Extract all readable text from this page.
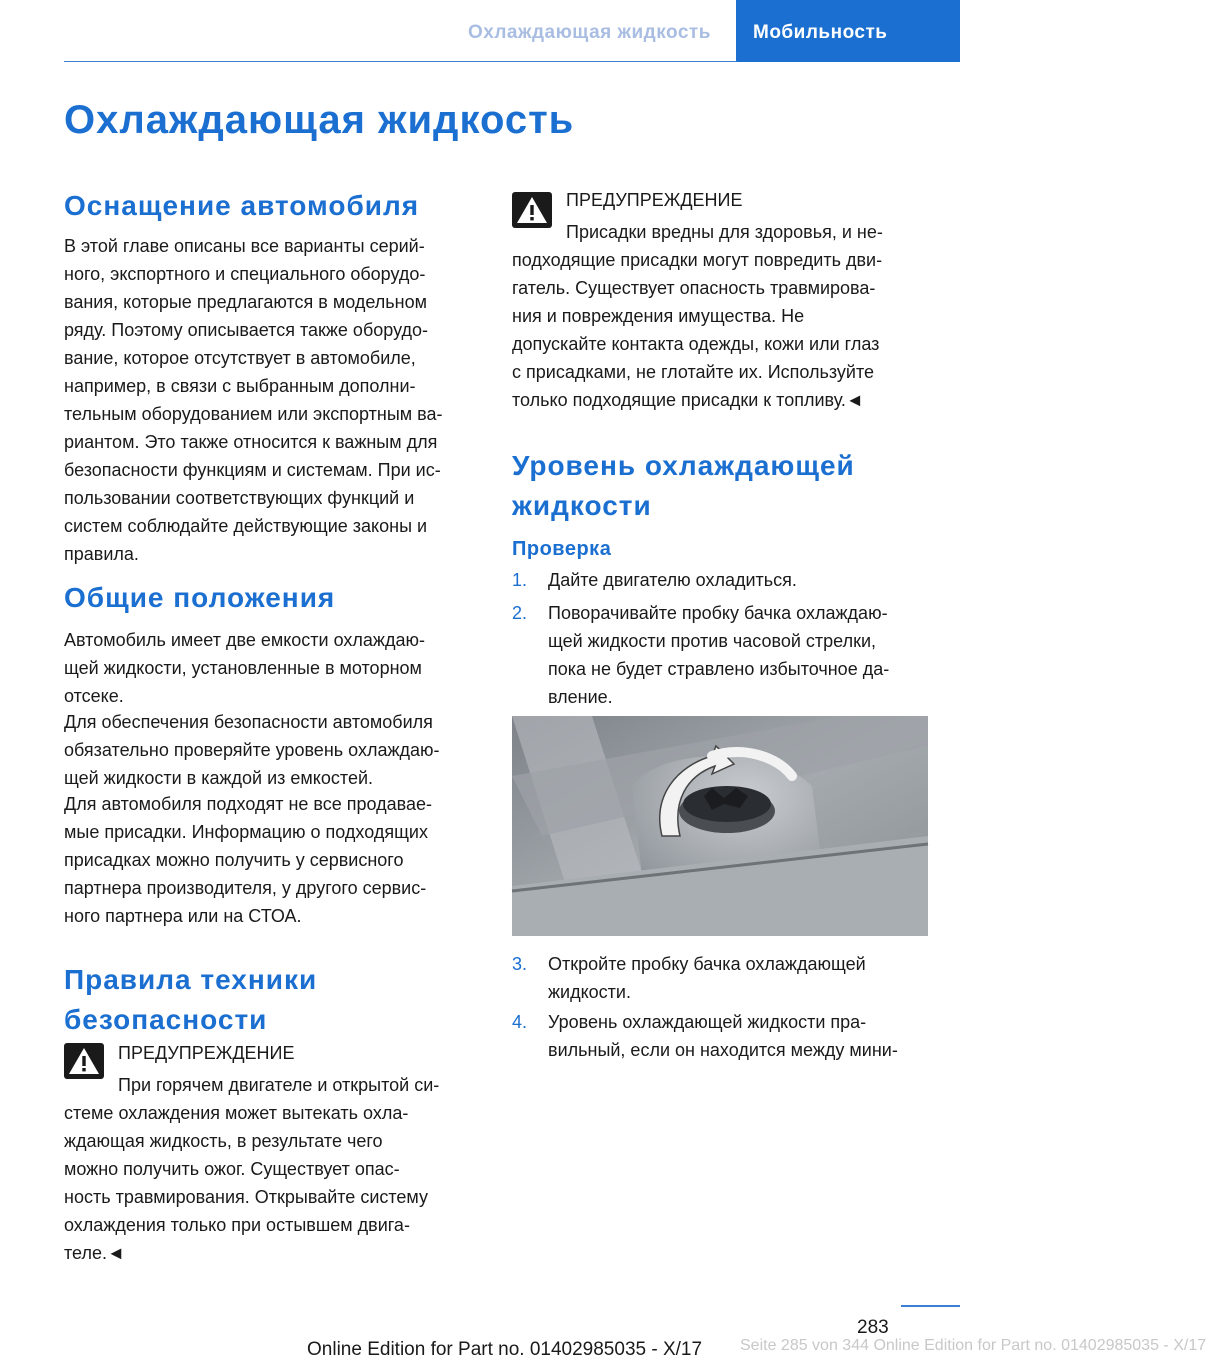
Охлаждающая жидкость Мобильность
Охлаждающая жидкость
Оснащение автомобиля
В этой главе описаны все варианты серий-
ного, экспортного и специального оборудо-
вания, которые предлагаются в модельном
ряду. Поэтому описывается также оборудо-
вание, которое отсутствует в автомобиле,
например, в связи с выбранным дополни-
тельным оборудованием или экспортным ва-
риантом. Это также относится к важным для
безопасности функциям и системам. При ис-
пользовании соответствующих функций и
систем соблюдайте действующие законы и
правила.
Общие положения
Автомобиль имеет две емкости охлаждаю-
щей жидкости, установленные в моторном
отсеке.
Для обеспечения безопасности автомобиля
обязательно проверяйте уровень охлаждаю-
щей жидкости в каждой из емкостей.
Для автомобиля подходят не все продавае-
мые присадки. Информацию о подходящих
присадках можно получить у сервисного
партнера производителя, у другого сервис-
ного партнера или на СТОА.
Правила техники
безопасности
ПРЕДУПРЕЖДЕНИЕ
При горячем двигателе и открытой си-
стеме охлаждения может вытекать охла-
ждающая жидкость, в результате чего
можно получить ожог. Существует опас-
ность травмирования. Открывайте систему
охлаждения только при остывшем двига-
теле.◄
ПРЕДУПРЕЖДЕНИЕ
Присадки вредны для здоровья, и не-
подходящие присадки могут повредить дви-
гатель. Существует опасность травмирова-
ния и повреждения имущества. Не
допускайте контакта одежды, кожи или глаз
с присадками, не глотайте их. Используйте
только подходящие присадки к топливу.◄
Уровень охлаждающей
жидкости
Проверка
1. Дайте двигателю охладиться.
2. Поворачивайте пробку бачка охлаждаю-
щей жидкости против часовой стрелки,
пока не будет стравлено избыточное да-
вление.
3. Откройте пробку бачка охлаждающей
жидкости.
4. Уровень охлаждающей жидкости пра-
вильный, если он находится между мини-
283
Seite 285 von 344 Online Edition for Part no. 01402985035 - X/17
Online Edition for Part no. 01402985035 - X/17
